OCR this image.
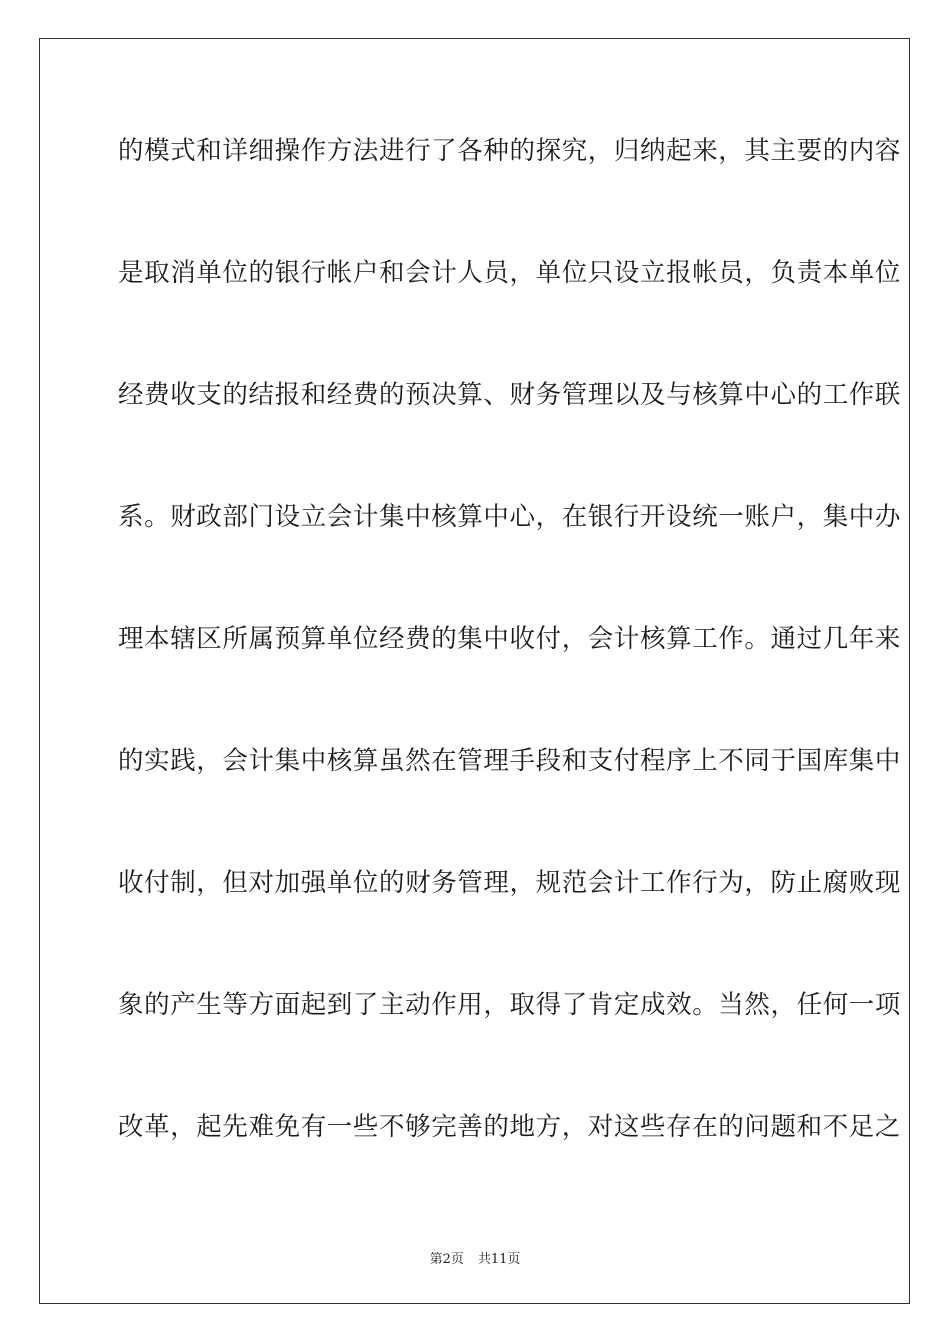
的模式和详细操作方法进行了各种的探究，归纳起来，其主要的内容
是取消单位的银行帐户和会计人员，单位只设立报帐员，负责本单位
经费收支的结报和经费的预决算、财务管理以及与核算中心的工作联
系。财政部门设立会计集中核算中心，在银行开设统一账户，集中办
理本辖区所属预算单位经费的集中收付，会计核算工作。通过几年来
的实践，会计集中核算虽然在管理手段和支付程序上不同于国库集中
收付制，但对加强单位的财务管理，规范会计工作行为，防止腐败现
象的产生等方面起到了主动作用，取得了肯定成效。当然，任何一项
改革，起先难免有一些不够完善的地方，对这些存在的问题和不足之
第2页 共11页
